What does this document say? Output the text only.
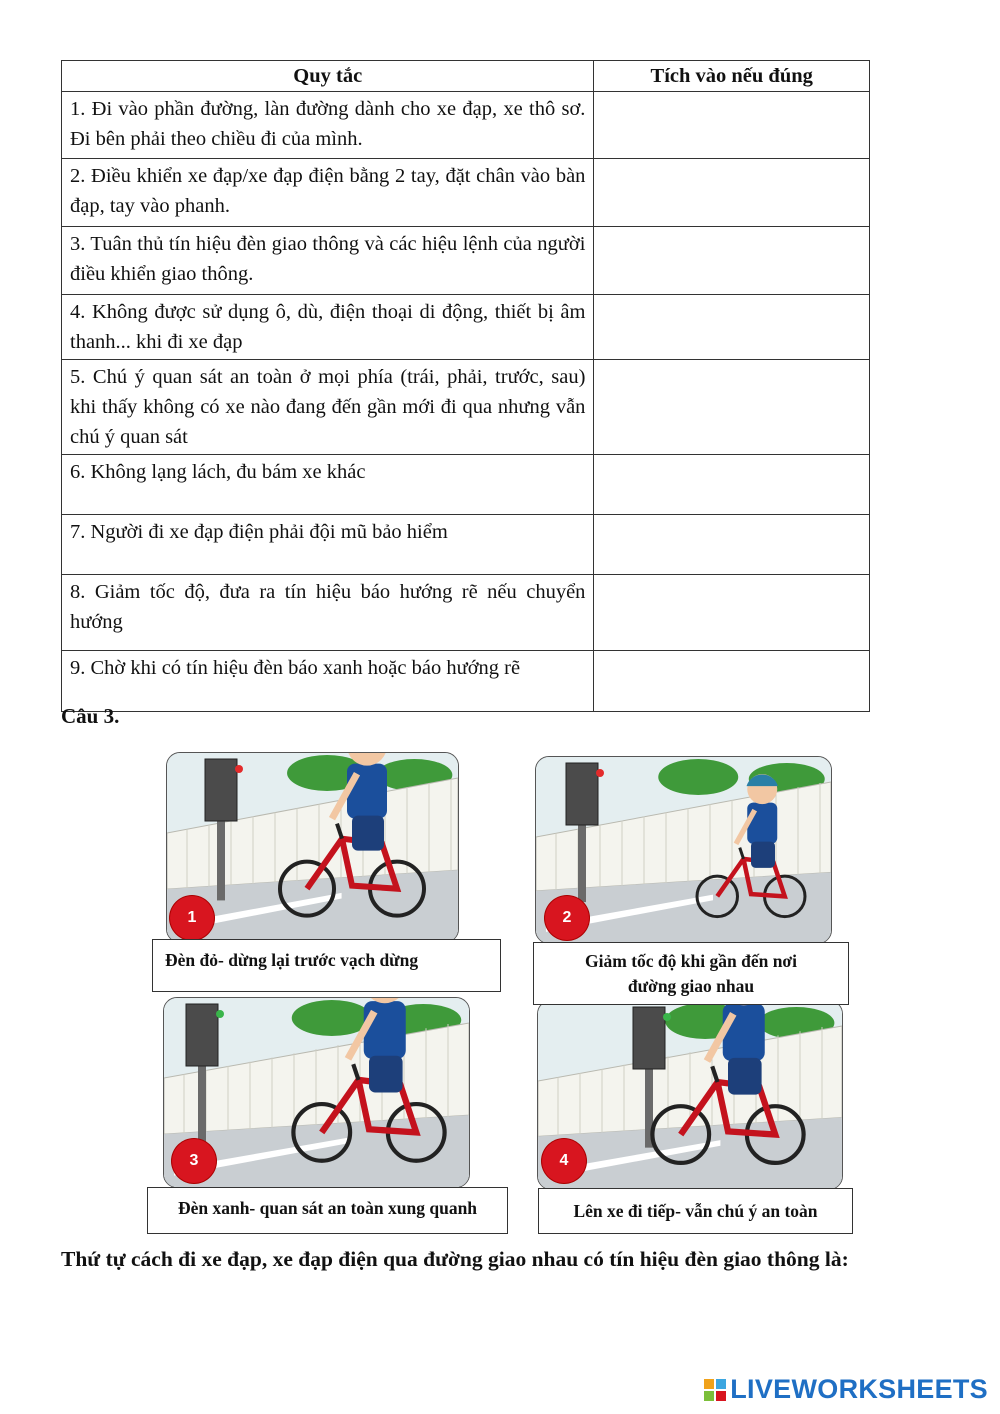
Quy tắc	Tích vào nếu đúng
1. Đi vào phần đường, làn đường dành cho xe đạp, xe thô sơ. Đi bên phải theo chiều đi của mình.	
2. Điều khiển xe đạp/xe đạp điện bằng 2 tay, đặt chân vào bàn đạp, tay vào phanh.	
3. Tuân thủ tín hiệu đèn giao thông và các hiệu lệnh của người điều khiển giao thông.	
4. Không được sử dụng ô, dù, điện thoại di động, thiết bị âm thanh... khi đi xe đạp	
5. Chú ý quan sát an toàn ở mọi phía (trái, phải, trước, sau) khi thấy không có xe nào đang đến gần mới đi qua nhưng vẫn chú ý quan sát	
6. Không lạng lách, đu bám xe khác	
7. Người đi xe đạp điện phải đội mũ bảo hiểm	
8. Giảm tốc độ, đưa ra tín hiệu báo hướng rẽ nếu chuyển hướng	
9. Chờ khi có tín hiệu đèn báo xanh hoặc báo hướng rẽ	
Câu 3.
1	2
3	4
Đèn đỏ- dừng lại trước vạch dừng	Giảm tốc độ khi gần đến nơi đường giao nhau
Đèn xanh- quan sát an toàn xung quanh	Lên xe đi tiếp- vẫn chú ý an toàn
Thứ tự cách đi xe đạp, xe đạp điện qua đường giao nhau có tín hiệu đèn giao thông là:
LIVEWORKSHEETS
